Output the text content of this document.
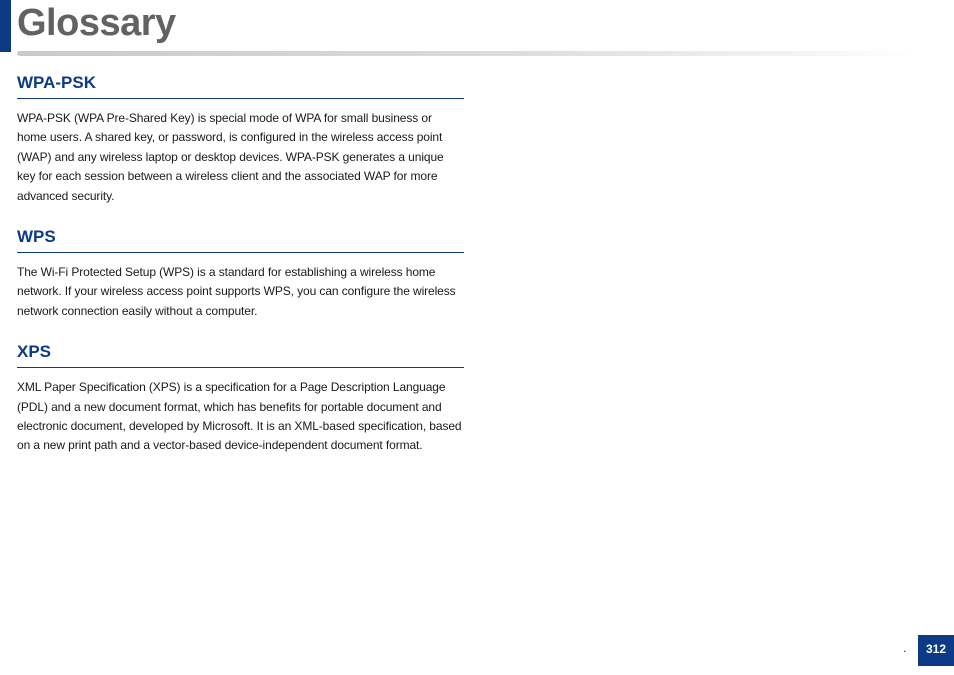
Glossary
WPA-PSK

WPA-PSK (WPA Pre-Shared Key) is special mode of WPA for small business or home users. A shared key, or password, is configured in the wireless access point (WAP) and any wireless laptop or desktop devices. WPA-PSK generates a unique key for each session between a wireless client and the associated WAP for more advanced security.

WPS

The Wi-Fi Protected Setup (WPS) is a standard for establishing a wireless home network. If your wireless access point supports WPS, you can configure the wireless network connection easily without a computer.

XPS

XML Paper Specification (XPS) is a specification for a Page Description Language (PDL) and a new document format, which has benefits for portable document and electronic document, developed by Microsoft. It is an XML-based specification, based on a new print path and a vector-based device-independent document format.

.	312
